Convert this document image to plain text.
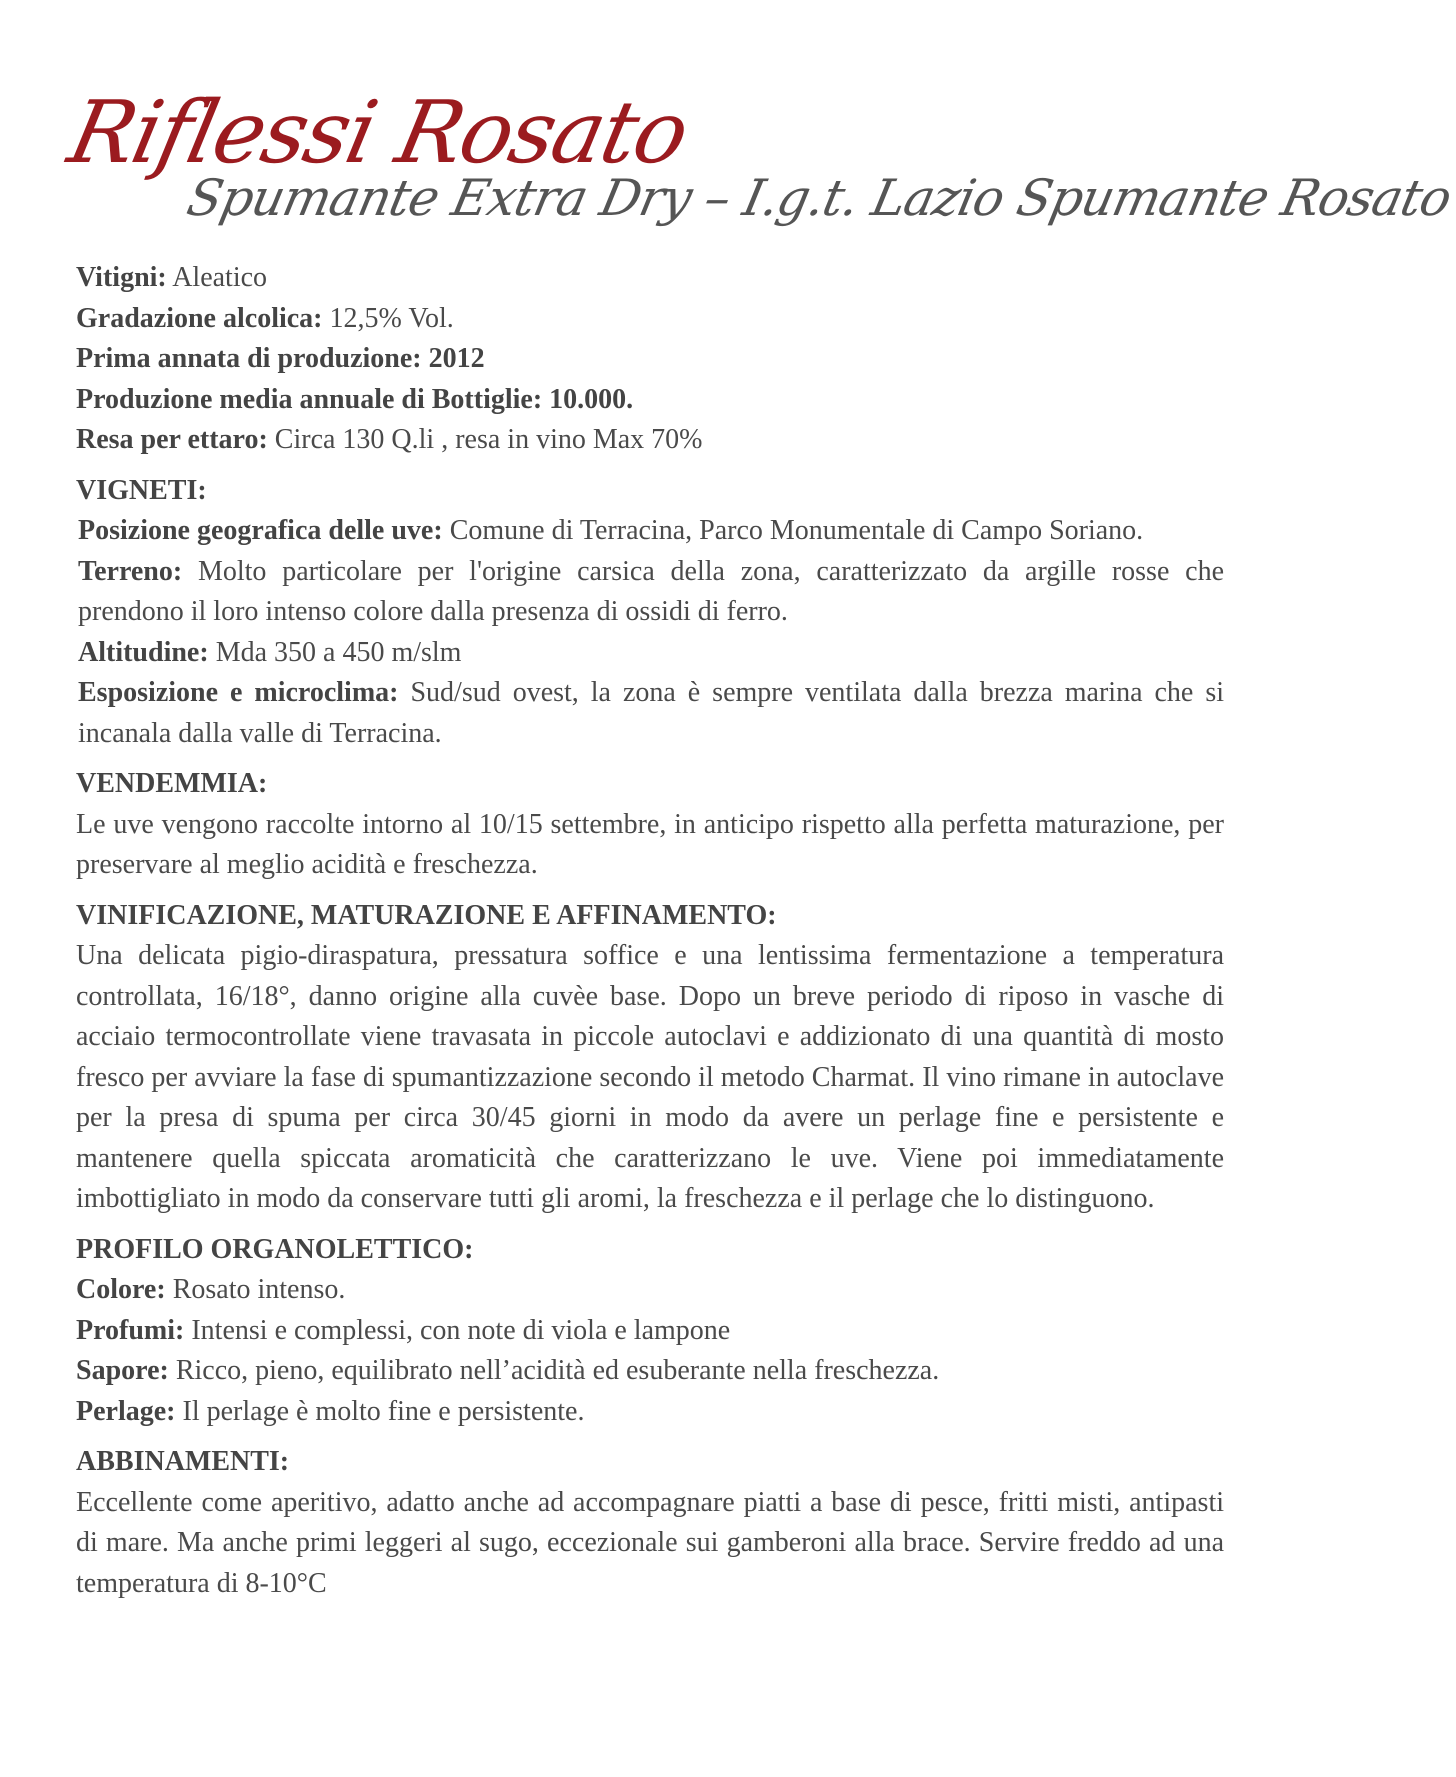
Riflessi Rosato
Spumante Extra Dry – I.g.t. Lazio Spumante Rosato

Vitigni: Aleatico

Gradazione alcolica: 12,5% Vol.

Prima annata di produzione: 2012

Produzione media annuale di Bottiglie: 10.000.

Resa per ettaro: Circa 130 Q.li , resa in vino Max 70%

VIGNETI:

Posizione geografica delle uve: Comune di Terracina, Parco Monumentale di Campo Soriano.

Terreno: Molto particolare per l'origine carsica della zona, caratterizzato da argille rosse che prendono il loro intenso colore dalla presenza di ossidi di ferro.

Altitudine: Mda 350 a 450 m/slm

Esposizione e microclima: Sud/sud ovest, la zona è sempre ventilata dalla brezza marina che si incanala dalla valle di Terracina.

VENDEMMIA:

Le uve vengono raccolte intorno al 10/15 settembre, in anticipo rispetto alla perfetta maturazione, per preservare al meglio acidità e freschezza.

VINIFICAZIONE, MATURAZIONE E AFFINAMENTO:

Una delicata pigio-diraspatura, pressatura soffice e una lentissima fermentazione a temperatura controllata, 16/18°, danno origine alla cuvèe base. Dopo un breve periodo di riposo in vasche di acciaio termocontrollate viene travasata in piccole autoclavi e addizionato di una quantità di mosto fresco per avviare la fase di spumantizzazione secondo il metodo Charmat. Il vino rimane in autoclave per la presa di spuma per circa 30/45 giorni in modo da avere un perlage fine e persistente e mantenere quella spiccata aromaticità che caratterizzano le uve. Viene poi immediatamente imbottigliato in modo da conservare tutti gli aromi, la freschezza e il perlage che lo distinguono.

PROFILO ORGANOLETTICO:

Colore: Rosato intenso.

Profumi: Intensi e complessi, con note di viola e lampone

Sapore: Ricco, pieno, equilibrato nell’acidità ed esuberante nella freschezza.

Perlage: Il perlage è molto fine e persistente.

ABBINAMENTI:

Eccellente come aperitivo, adatto anche ad accompagnare piatti a base di pesce, fritti misti, antipasti di mare. Ma anche primi leggeri al sugo, eccezionale sui gamberoni alla brace. Servire freddo ad una temperatura di 8-10°C
